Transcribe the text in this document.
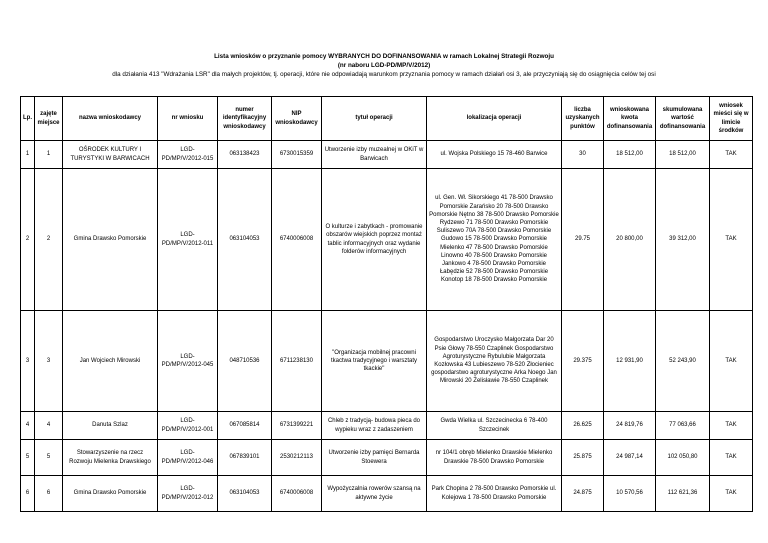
Lista wniosków o przyznanie pomocy WYBRANYCH DO DOFINANSOWANIA w ramach Lokalnej Strategii Rozwoju
(nr naboru LGD-PD/MP/V/2012)
dla działania 413 "Wdrażania LSR" dla małych projektów, tj. operacji, które nie odpowiadają warunkom przyznania pomocy w ramach działań osi 3, ale przyczyniają się do osiągnięcia celów tej osi
Lp.	zajęte miejsce	nazwa wnioskodawcy	nr wniosku	numer identyfikacyjny wnioskodawcy	NIP wnioskodawcy	tytuł operacji	lokalizacja operacji	liczba uzyskanych punktów	wnioskowana kwota dofinansowania	skumulowana wartość dofinansowania	wniosek mieści się w limicie środków
1	1	OŚRODEK KULTURY I TURYSTYKI W BARWICACH	LGD-PD/MP/V/2012-015	063138423	6730015359	Utworzenie izby muzealnej w OKiT w Barwicach	ul. Wojska Polskiego 15 78-460 Barwice	30	18 512,00	18 512,00	TAK
2	2	Gmina Drawsko Pomorskie	LGD-PD/MP/V/2012-011	063104053	6740006008	O kulturze i zabytkach - promowanie obszarów wiejskich poprzez montaż tablic informacyjnych oraz wydanie folderów informacyjnych	ul. Gen. Wł. Sikorskiego 41 78-500 Drawsko Pomorskie Zarańsko 20 78-500 Drawsko Pomorskie Nętno 38 78-500 Drawsko Pomorskie Rydzewo 71 78-500 Drawsko Pomorskie Suliszewo 70A 78-500 Drawsko Pomorskie Gudowo 15 78-500 Drawsko Pomorskie Mielenko 47 78-500 Drawsko Pomorskie Linowno 40 78-500 Drawsko Pomorskie Jankowo 4 78-500 Drawsko Pomorskie Łabędzie 52 78-500 Drawsko Pomorskie Konotop 18 78-500 Drawsko Pomorskie	29.75	20 800,00	39 312,00	TAK
3	3	Jan Wojciech Mirowski	LGD-PD/MP/V/2012-045	048710536	6711238130	"Organizacja mobilnej pracowni tkactwa tradycyjnego i warsztaty tkackie"	Gospodarstwo Uroczysko Małgorzata Dar 20 Psie Głowy 78-550 Czaplinek Gospodarstwo Agroturystyczne Rybulubie Małgorzata Kozłowska 43 Lubieszewo 78-520 Złocieniec gospodarstwo agroturystyczne Arka Noego Jan Mirowski 20 Żelisławie 78-550 Czaplinek	29.375	12 931,90	52 243,90	TAK
4	4	Danuta Szlaz	LGD-PD/MP/V/2012-001	067085814	6731399221	Chleb z tradycją- budowa pieca do wypieku wraz z zadaszeniem	Gwda Wielka ul. Szczecinecka 6 78-400 Szczecinek	26.625	24 819,76	77 063,66	TAK
5	5	Stowarzyszenie na rzecz Rozwoju Mielenka Drawskiego	LGD-PD/MP/V/2012-046	067839101	2530212113	Utworzenie izby pamięci Bernarda Stoewera	nr 104/1 obręb Mielenko Drawskie Mielenko Drawskie 78-500 Drawsko Pomorskie	25.875	24 987,14	102 050,80	TAK
6	6	Gmina Drawsko Pomorskie	LGD-PD/MP/V/2012-012	063104053	6740006008	Wypożyczalnia rowerów szansą na aktywne życie	Park Chopina 2 78-500 Drawsko Pomorskie ul. Kolejowa 1 78-500 Drawsko Pomorskie	24.875	10 570,56	112 621,36	TAK
